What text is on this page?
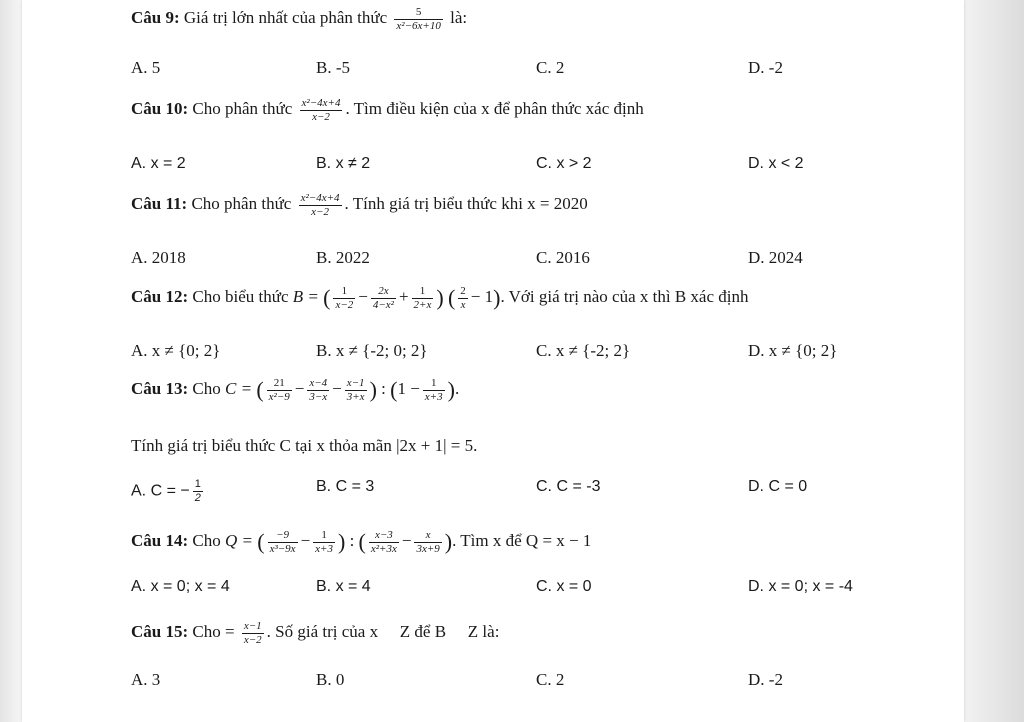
Câu 9: Giá trị lớn nhất của phân thức $\frac{5}{\text{x²−6x+10}}$ là:
A. 5	B. -5	C. 2	D. -2
Câu 10: Cho phân thức $\frac{\text{x²−4x+4}}{x-2}$ . Tìm điều kiện của x để phân thức xác định
A. x = 2	B. x ≠ 2	C. x > 2	D. x < 2
Câu 11: Cho phân thức $\frac{\text{x²−4x+4}}{x-2}$ . Tính giá trị biểu thức khi x = 2020
A. 2018	B. 2022	C. 2016	D. 2024
Câu 12: Cho biểu thức B = ( $\frac{1}{x-2} - \frac{2x}{\text{4−x²}} + \frac{1}{2+x}$ ) ( $\frac{2}{x} - 1$). Với giá trị nào của x thì B xác định
A. x ≠ {0; 2}	B. x ≠ {-2; 0; 2}	C. x ≠ {-2; 2}	D. x ≠ {0; 2}
Câu 13: Cho C = ( $\frac{21}{\text{x²−9}} - \frac{x-4}{3-x} - \frac{x-1}{3+x}$ ) : ($1 - \frac{1}{x+3}$ ).
Tính giá trị biểu thức C tại x thỏa mãn |2x + 1| = 5.
A. C = − $\frac{1}{2}$	B. C = 3	C. C = -3	D. C = 0
Câu 14: Cho Q = ( $\frac{-9}{\text{x³−9x}} - \frac{1}{x+3}$ ) : ( $\frac{x-3}{\text{x²+3x}} - \frac{x}{3x+9}$ ). Tìm x để Q = x − 1
A. x = 0; x = 4	B. x = 4	C. x = 0	D. x = 0; x = -4
Câu 15: Cho = $\frac{x-1}{x-2}$ . Số giá trị của x ⃞ Z để B ⃞ Z là:
A. 3	B. 0	C. 2	D. -2
